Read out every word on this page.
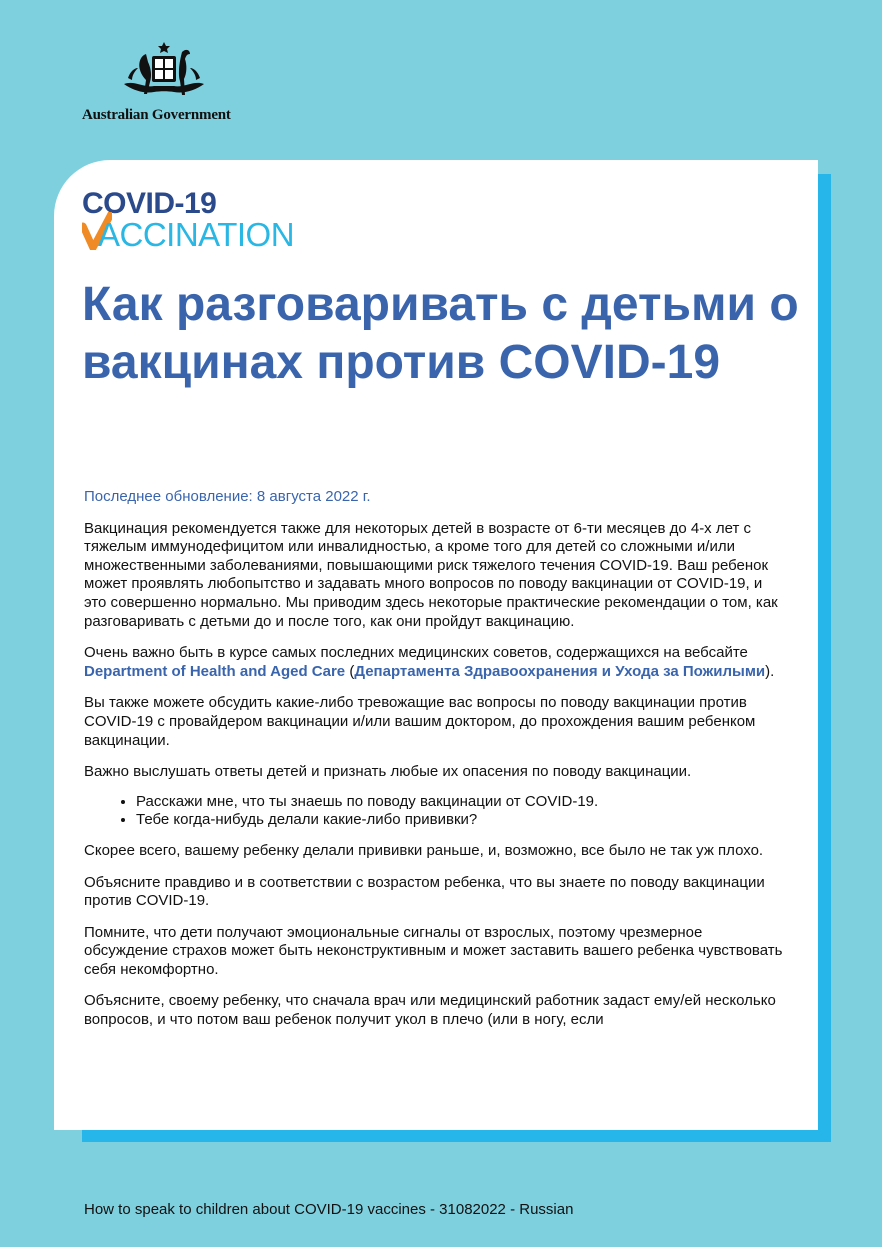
Australian Government
COVID-19
ACCINATION
Как разговаривать с детьми о вакцинах против COVID-19

Последнее обновление: 8 августа 2022 г.

Вакцинация рекомендуется также для некоторых детей в возрасте от 6-ти месяцев до 4-х лет с тяжелым иммунодефицитом или инвалидностью, а кроме того для детей со сложными и/или множественными заболеваниями, повышающими риск тяжелого течения COVID-19. Ваш ребенок может проявлять любопытство и задавать много вопросов по поводу вакцинации от COVID-19, и это совершенно нормально. Мы приводим здесь некоторые практические рекомендации о том, как разговаривать с детьми до и после того, как они пройдут вакцинацию.

Очень важно быть в курсе самых последних медицинских советов, содержащихся на вебсайте Department of Health and Aged Care (Департамента Здравоохранения и Ухода за Пожилыми).

Вы также можете обсудить какие-либо тревожащие вас вопросы по поводу вакцинации против COVID-19 с провайдером вакцинации и/или вашим доктором, до прохождения вашим ребенком вакцинации.

Важно выслушать ответы детей и признать любые их опасения по поводу вакцинации.

• Расскажи мне, что ты знаешь по поводу вакцинации от COVID-19.
• Тебе когда-нибудь делали какие-либо прививки?

Скорее всего, вашему ребенку делали прививки раньше, и, возможно, все было не так уж плохо.

Объясните правдиво и в соответствии с возрастом ребенка, что вы знаете по поводу вакцинации против COVID-19.

Помните, что дети получают эмоциональные сигналы от взрослых, поэтому чрезмерное обсуждение страхов может быть неконструктивным и может заставить вашего ребенка чувствовать себя некомфортно.

Объясните, своему ребенку, что сначала врач или медицинский работник задаст ему/ей несколько вопросов, и что потом ваш ребенок получит укол в плечо (или в ногу, если

How to speak to children about COVID-19 vaccines - 31082022 - Russian
